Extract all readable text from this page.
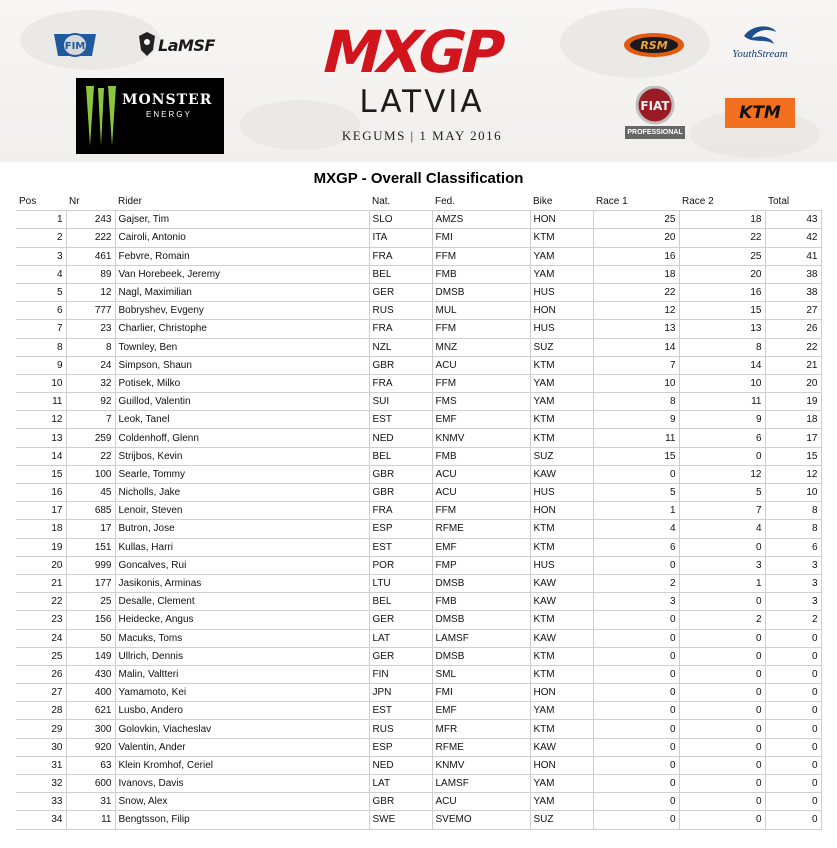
FIM	LaMSF
MONSTER
ENERGY
MXGP
LATVIA
KEGUMS | 1 MAY 2016
RSM
YouthStream
FIAT
PROFESSIONAL
KTM
MXGP - Overall Classification
Pos	Nr	Rider	Nat.	Fed.	Bike	Race 1	Race 2	Total
1	243	Gajser, Tim	SLO	AMZS	HON	25	18	43
2	222	Cairoli, Antonio	ITA	FMI	KTM	20	22	42
3	461	Febvre, Romain	FRA	FFM	YAM	16	25	41
4	89	Van Horebeek, Jeremy	BEL	FMB	YAM	18	20	38
5	12	Nagl, Maximilian	GER	DMSB	HUS	22	16	38
6	777	Bobryshev, Evgeny	RUS	MUL	HON	12	15	27
7	23	Charlier, Christophe	FRA	FFM	HUS	13	13	26
8	8	Townley, Ben	NZL	MNZ	SUZ	14	8	22
9	24	Simpson, Shaun	GBR	ACU	KTM	7	14	21
10	32	Potisek, Milko	FRA	FFM	YAM	10	10	20
11	92	Guillod, Valentin	SUI	FMS	YAM	8	11	19
12	7	Leok, Tanel	EST	EMF	KTM	9	9	18
13	259	Coldenhoff, Glenn	NED	KNMV	KTM	11	6	17
14	22	Strijbos, Kevin	BEL	FMB	SUZ	15	0	15
15	100	Searle, Tommy	GBR	ACU	KAW	0	12	12
16	45	Nicholls, Jake	GBR	ACU	HUS	5	5	10
17	685	Lenoir, Steven	FRA	FFM	HON	1	7	8
18	17	Butron, Jose	ESP	RFME	KTM	4	4	8
19	151	Kullas, Harri	EST	EMF	KTM	6	0	6
20	999	Goncalves, Rui	POR	FMP	HUS	0	3	3
21	177	Jasikonis, Arminas	LTU	DMSB	KAW	2	1	3
22	25	Desalle, Clement	BEL	FMB	KAW	3	0	3
23	156	Heidecke, Angus	GER	DMSB	KTM	0	2	2
24	50	Macuks, Toms	LAT	LAMSF	KAW	0	0	0
25	149	Ullrich, Dennis	GER	DMSB	KTM	0	0	0
26	430	Malin, Valtteri	FIN	SML	KTM	0	0	0
27	400	Yamamoto, Kei	JPN	FMI	HON	0	0	0
28	621	Lusbo, Andero	EST	EMF	YAM	0	0	0
29	300	Golovkin, Viacheslav	RUS	MFR	KTM	0	0	0
30	920	Valentin, Ander	ESP	RFME	KAW	0	0	0
31	63	Klein Kromhof, Ceriel	NED	KNMV	HON	0	0	0
32	600	Ivanovs, Davis	LAT	LAMSF	YAM	0	0	0
33	31	Snow, Alex	GBR	ACU	YAM	0	0	0
34	11	Bengtsson, Filip	SWE	SVEMO	SUZ	0	0	0
